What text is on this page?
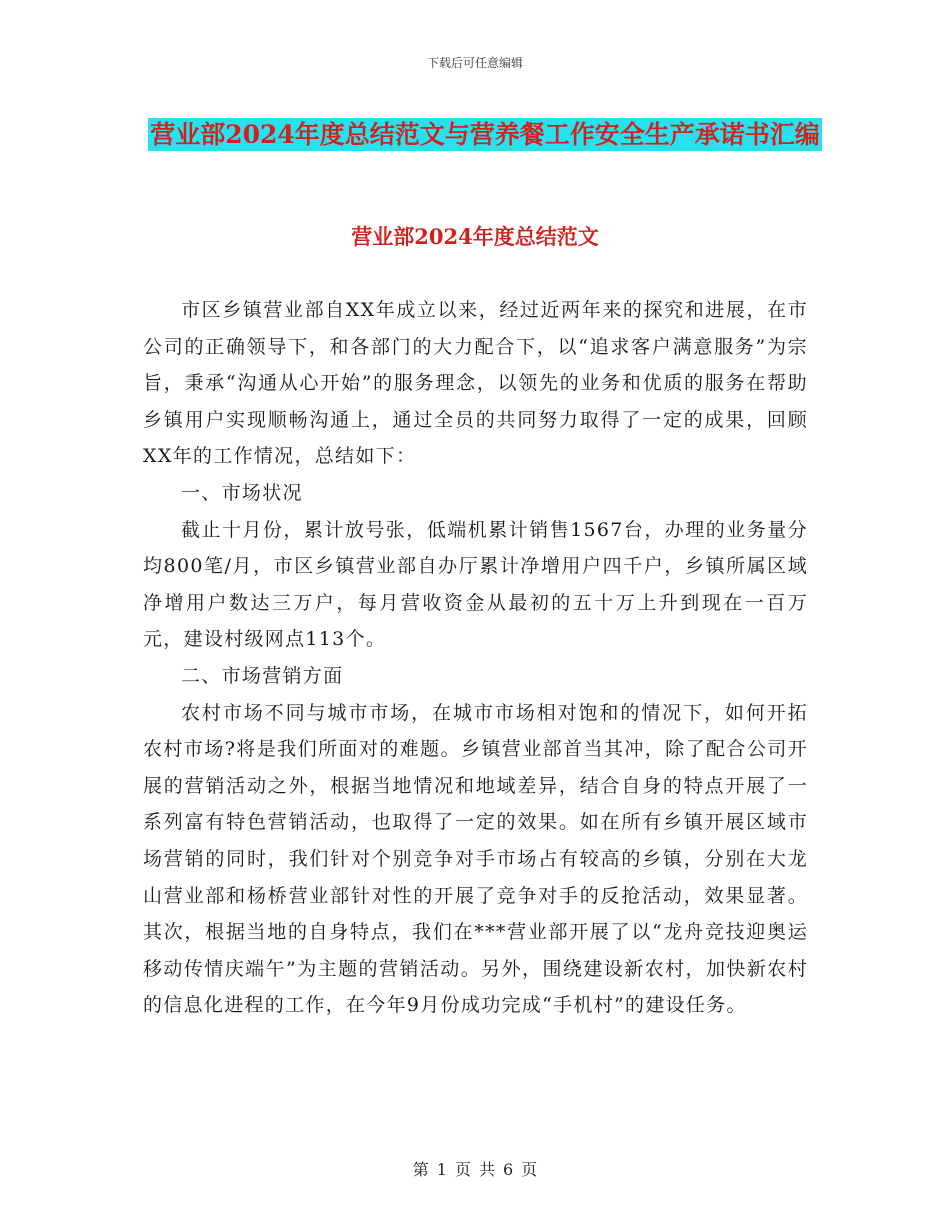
下载后可任意编辑
营业部2024年度总结范文与营养餐工作安全生产承诺书汇编
营业部2024年度总结范文

市区乡镇营业部自XX年成立以来，经过近两年来的探究和进展，在市公司的正确领导下，和各部门的大力配合下，以“追求客户满意服务”为宗旨，秉承“沟通从心开始”的服务理念，以领先的业务和优质的服务在帮助乡镇用户实现顺畅沟通上，通过全员的共同努力取得了一定的成果，回顾XX年的工作情况，总结如下：

一、市场状况

截止十月份，累计放号张，低端机累计销售1567台，办理的业务量分均800笔/月，市区乡镇营业部自办厅累计净增用户四千户，乡镇所属区域净增用户数达三万户，每月营收资金从最初的五十万上升到现在一百万元，建设村级网点113个。

二、市场营销方面

农村市场不同与城市市场，在城市市场相对饱和的情况下，如何开拓农村市场?将是我们所面对的难题。乡镇营业部首当其冲，除了配合公司开展的营销活动之外，根据当地情况和地域差异，结合自身的特点开展了一系列富有特色营销活动，也取得了一定的效果。如在所有乡镇开展区域市场营销的同时，我们针对个别竞争对手市场占有较高的乡镇，分别在大龙山营业部和杨桥营业部针对性的开展了竞争对手的反抢活动，效果显著。其次，根据当地的自身特点，我们在***营业部开展了以“龙舟竞技迎奥运移动传情庆端午”为主题的营销活动。另外，围绕建设新农村，加快新农村的信息化进程的工作，在今年9月份成功完成“手机村”的建设任务。

第 1 页 共 6 页
